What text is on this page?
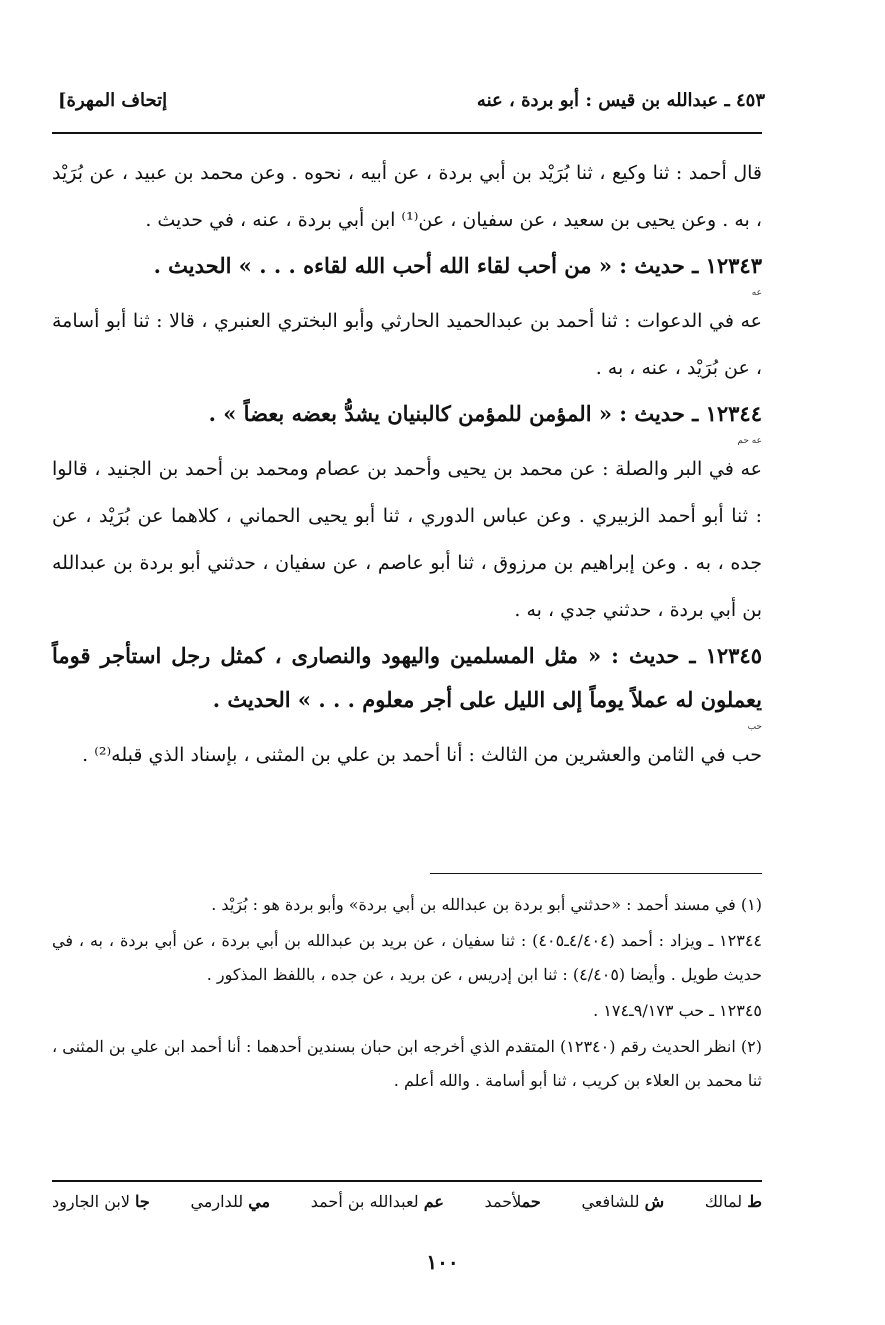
٤٥٣ ـ عبدالله بن قيس : أبو بردة ، عنه
[إتحاف المهرة

قال أحمد : ثنا وكيع ، ثنا بُرَيْد بن أبي بردة ، عن أبيه ، نحوه . وعن محمد بن عبيد ، عن بُرَيْد ، به . وعن يحيى بن سعيد ، عن سفيان ، عن⁽¹⁾ ابن أبي بردة ، عنه ، في حديث .

١٢٣٤٣ ـ حديث : « من أحب لقاء الله أحب الله لقاءه . . . » الحديث .

عه

عه في الدعوات : ثنا أحمد بن عبدالحميد الحارثي وأبو البختري العنبري ، قالا : ثنا أبو أسامة ، عن بُرَيْد ، عنه ، به .

١٢٣٤٤ ـ حديث : « المؤمن للمؤمن كالبنيان يشدُّ بعضه بعضاً » .

عه حم

عه في البر والصلة : عن محمد بن يحيى وأحمد بن عصام ومحمد بن أحمد بن الجنيد ، قالوا : ثنا أبو أحمد الزبيري . وعن عباس الدوري ، ثنا أبو يحيى الحماني ، كلاهما عن بُرَيْد ، عن جده ، به . وعن إبراهيم بن مرزوق ، ثنا أبو عاصم ، عن سفيان ، حدثني أبو بردة بن عبدالله بن أبي بردة ، حدثني جدي ، به .

١٢٣٤٥ ـ حديث : « مثل المسلمين واليهود والنصارى ، كمثل رجل استأجر قوماً يعملون له عملاً يوماً إلى الليل على أجر معلوم . . . » الحديث .

حب

حب في الثامن والعشرين من الثالث : أنا أحمد بن علي بن المثنى ، بإسناد الذي قبله⁽²⁾ .

(١) في مسند أحمد : «حدثني أبو بردة بن عبدالله بن أبي بردة» وأبو بردة هو : بُرَيْد .

١٢٣٤٤ ـ ويزاد : أحمد (٤/٤٠٤ـ٤٠٥) : ثنا سفيان ، عن بريد بن عبدالله بن أبي بردة ، عن أبي بردة ، به ، في حديث طويل . وأيضا (٤/٤٠٥) : ثنا ابن إدريس ، عن بريد ، عن جده ، باللفظ المذكور .

١٢٣٤٥ ـ حب ٩/١٧٣ـ١٧٤ .

(٢) انظر الحديث رقم (١٢٣٤٠) المتقدم الذي أخرجه ابن حبان بسندين أحدهما : أنا أحمد ابن علي بن المثنى ، ثنا محمد بن العلاء بن كريب ، ثنا أبو أسامة . والله أعلم .

ط لمالك
ش للشافعي
حملأحمد
عم لعبدالله بن أحمد
مي للدارمي
جا لابن الجارود
١٠٠
